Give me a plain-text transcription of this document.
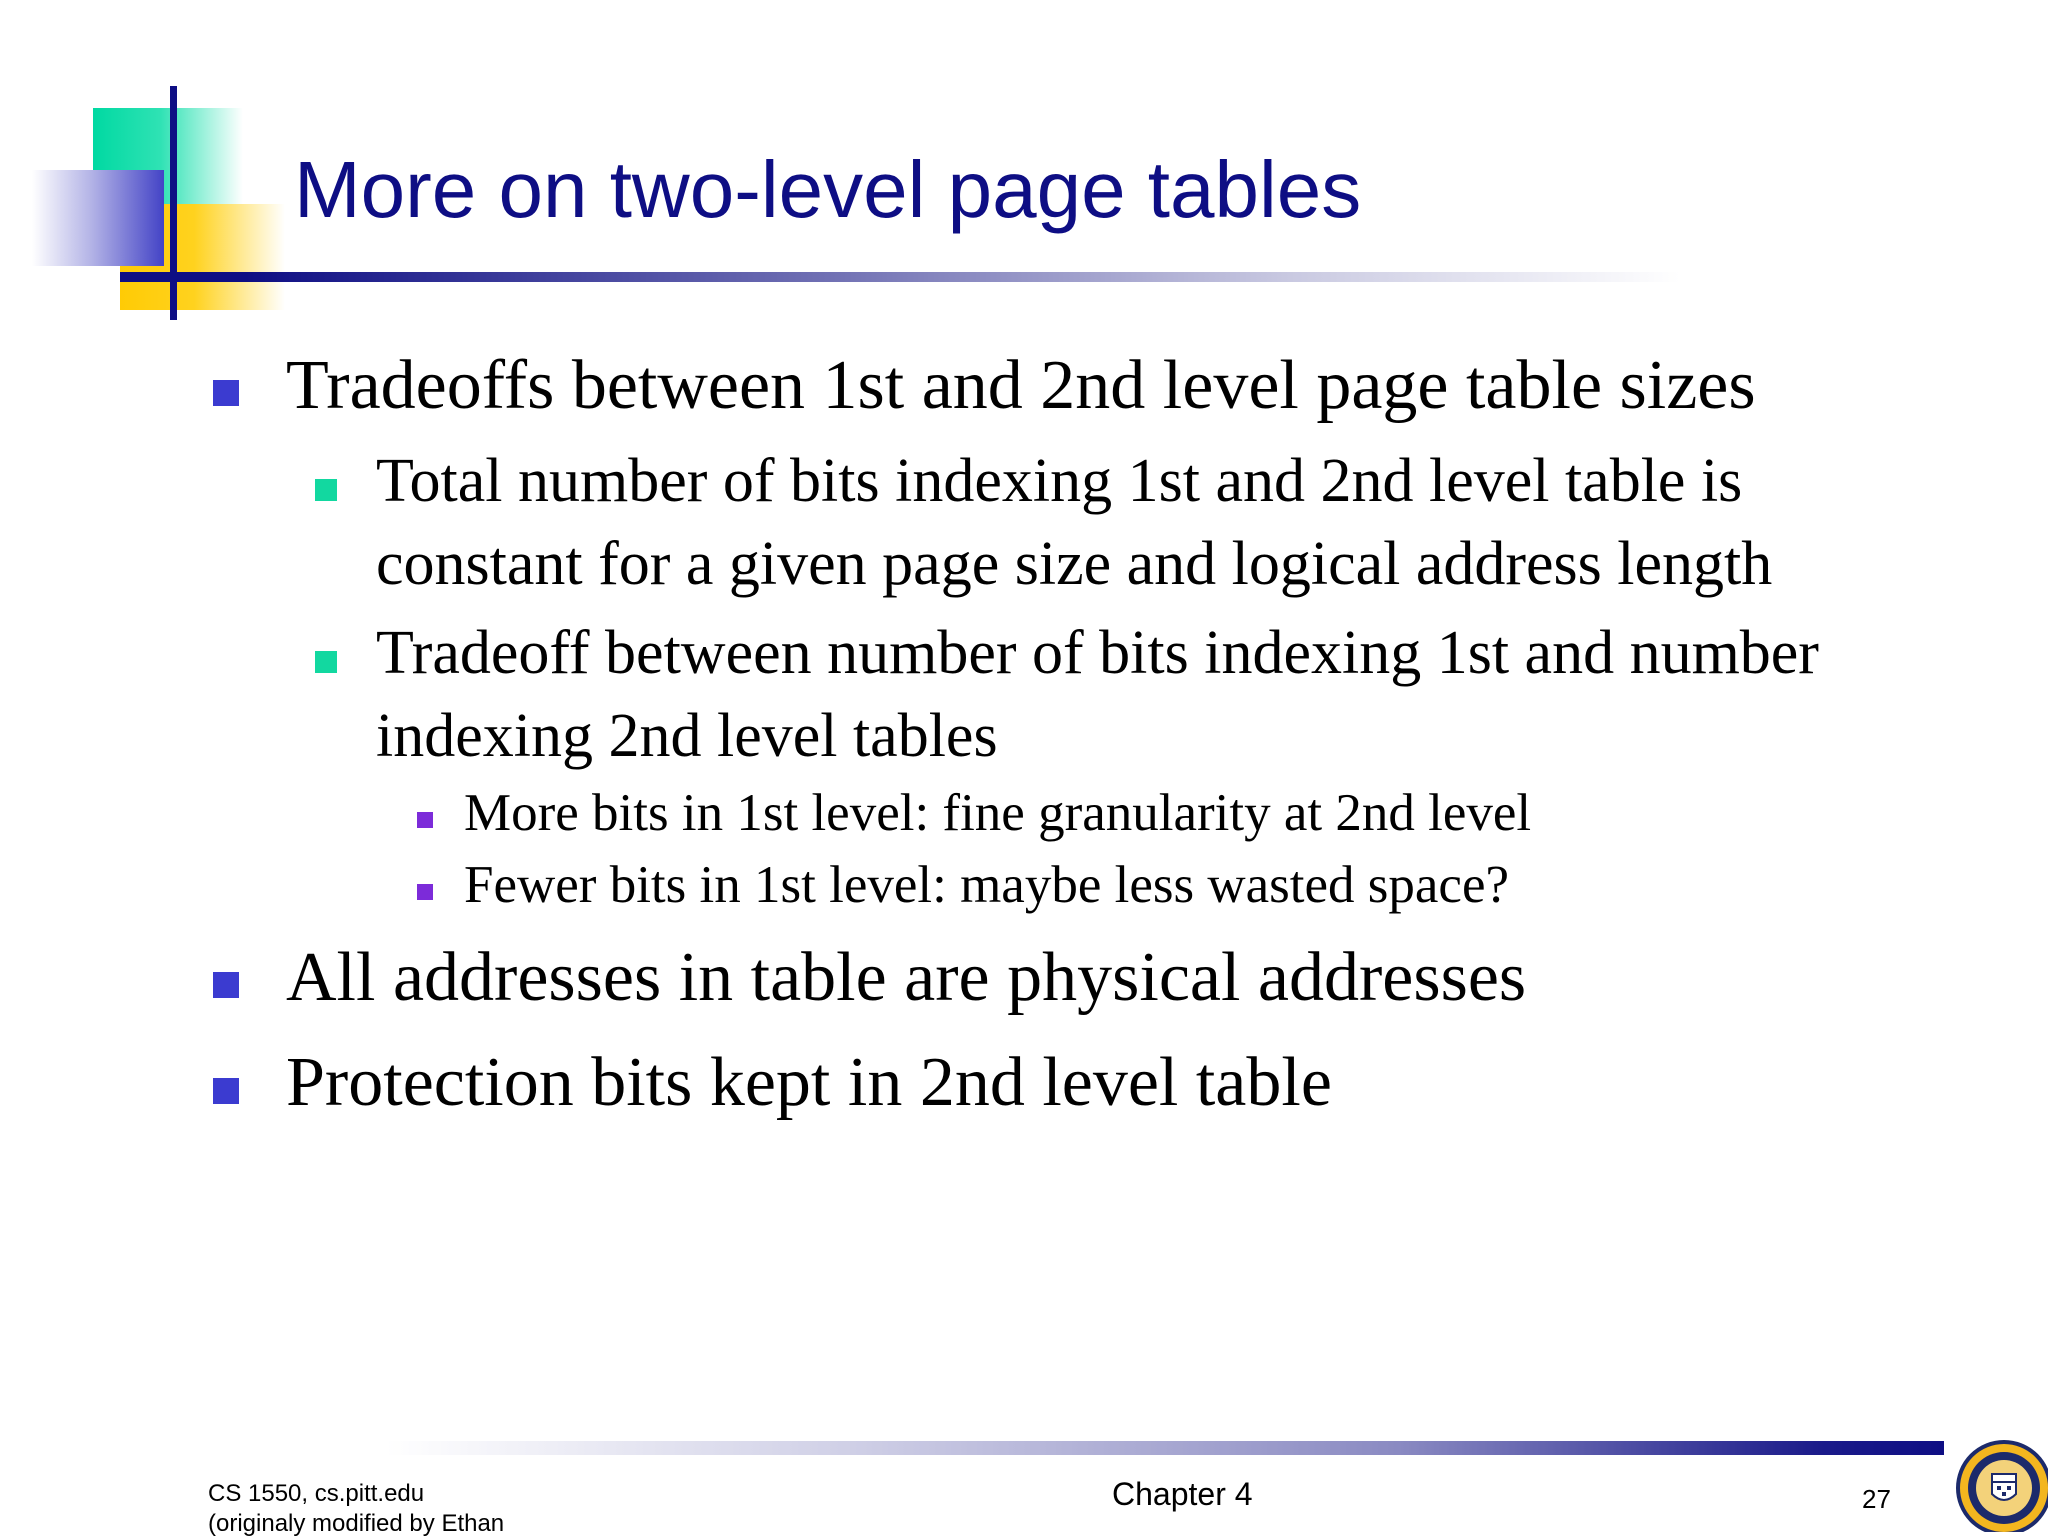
More on two-level page tables
Tradeoffs between 1st and 2nd level page table sizes
Total number of bits indexing 1st and 2nd level table is
constant for a given page size and logical address length
Tradeoff between number of bits indexing 1st and number
indexing 2nd level tables
More bits in 1st level: fine granularity at 2nd level
Fewer bits in 1st level: maybe less wasted space?
All addresses in table are physical addresses
Protection bits kept in 2nd level table
CS 1550, cs.pitt.edu
(originaly modified by Ethan
Chapter 4	27
